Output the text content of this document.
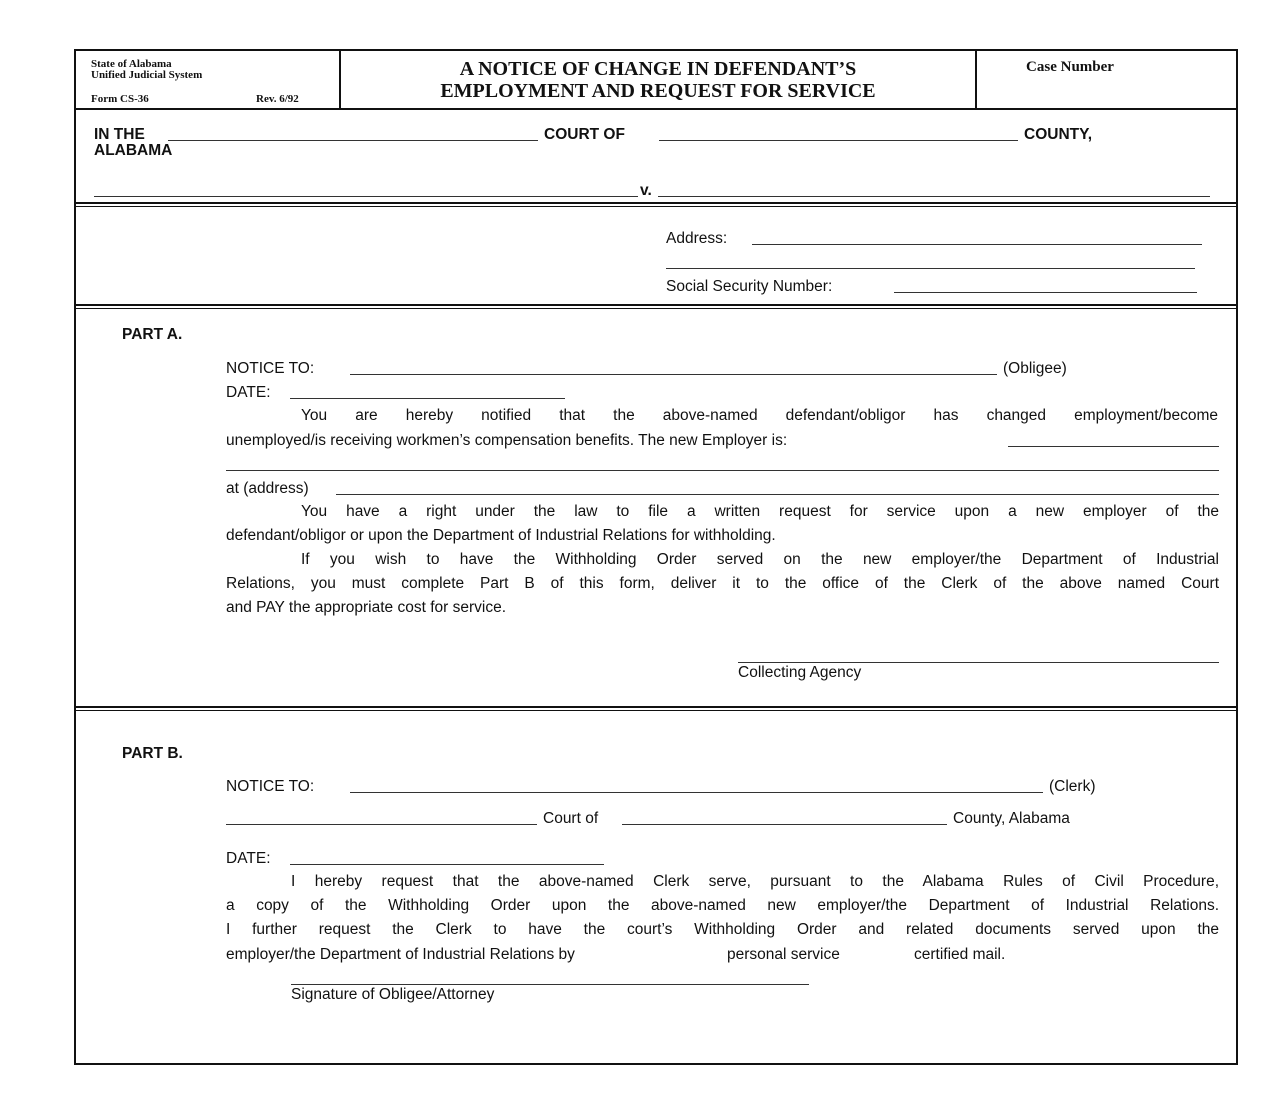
State of Alabama
Unified Judicial System
Form CS-36	Rev. 6/92
A NOTICE OF CHANGE IN DEFENDANT’S
EMPLOYMENT AND REQUEST FOR SERVICE
Case Number
IN THE	COURT OF	COUNTY,
ALABAMA
v.
Address:
Social Security Number:
PART A.
NOTICE TO:	(Obligee)
DATE:
You are hereby notified that the above-named defendant/obligor has changed employment/become
unemployed/is receiving workmen’s compensation benefits. The new Employer is:
at (address)
You have a right under the law to file a written request for service upon a new employer of the
defendant/obligor or upon the Department of Industrial Relations for withholding.
If you wish to have the Withholding Order served on the new employer/the Department of Industrial
Relations, you must complete Part B of this form, deliver it to the office of the Clerk of the above named Court
and PAY the appropriate cost for service.
Collecting Agency
PART B.
NOTICE TO:	(Clerk)
Court of	County, Alabama
DATE:
I hereby request that the above-named Clerk serve, pursuant to the Alabama Rules of Civil Procedure,
a copy of the Withholding Order upon the above-named new employer/the Department of Industrial Relations.
I further request the Clerk to have the court’s Withholding Order and related documents served upon the
employer/the Department of Industrial Relations by	personal service	certified mail.
Signature of Obligee/Attorney
